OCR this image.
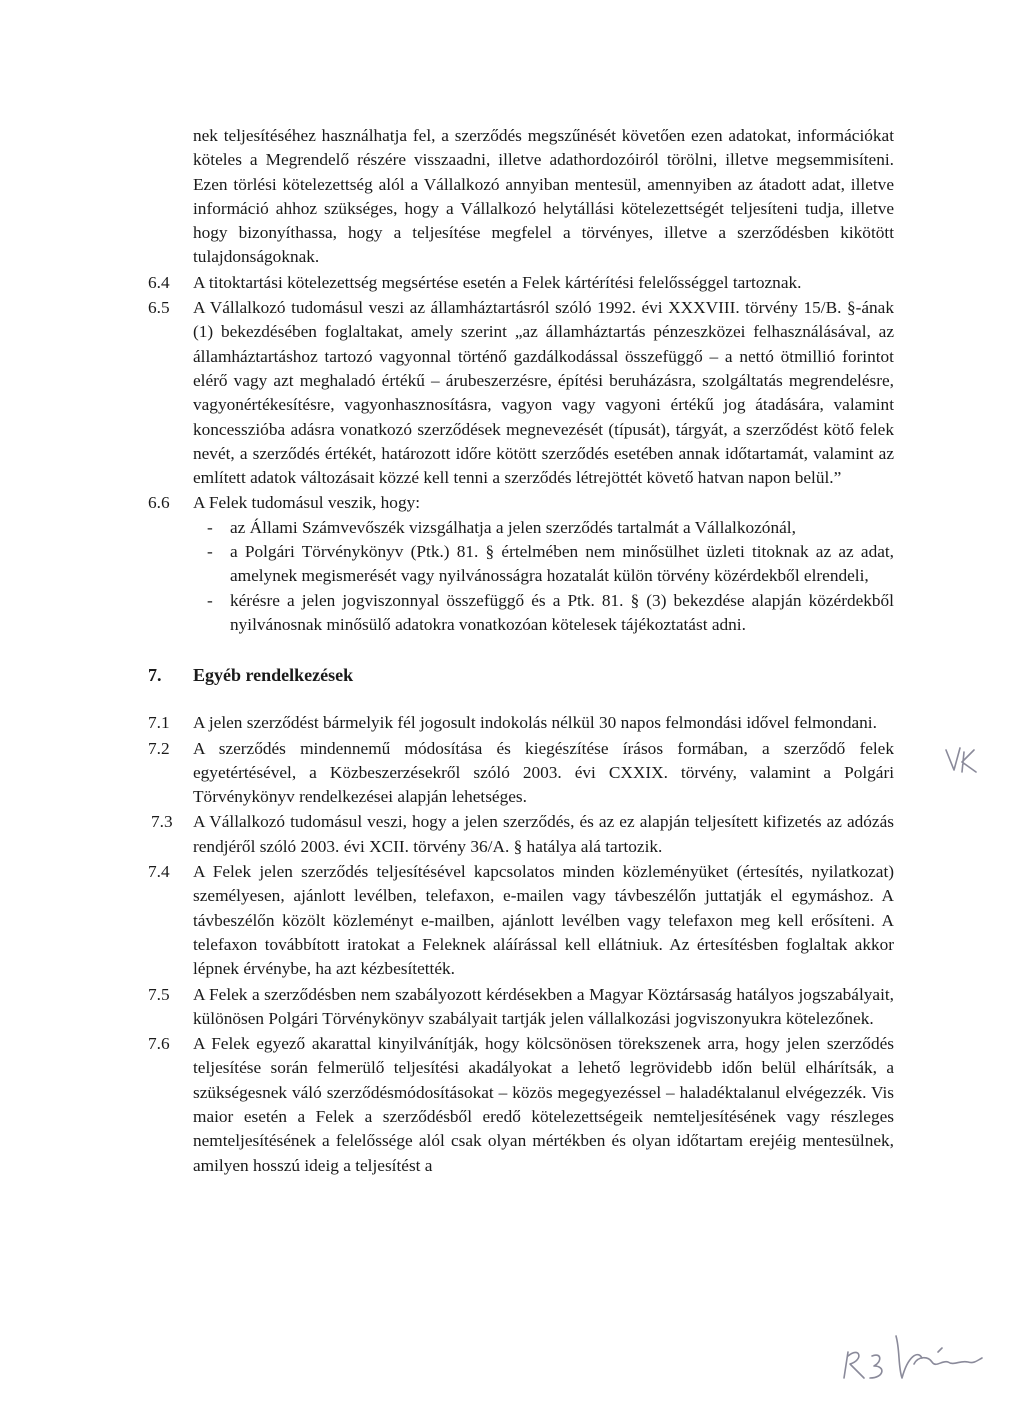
nek teljesítéséhez használhatja fel, a szerződés megszűnését követően ezen adatokat, információkat köteles a Megrendelő részére visszaadni, illetve adathordozóiról törölni, illetve megsemmisíteni. Ezen törlési kötelezettség alól a Vállalkozó annyiban mentesül, amennyiben az átadott adat, illetve információ ahhoz szükséges, hogy a Vállalkozó helytállási kötelezettségét teljesíteni tudja, illetve hogy bizonyíthassa, hogy a teljesítése megfelel a törvényes, illetve a szerződésben kikötött tulajdonságoknak.

6.4	A titoktartási kötelezettség megsértése esetén a Felek kártérítési felelősséggel tartoznak.

6.5	A Vállalkozó tudomásul veszi az államháztartásról szóló 1992. évi XXXVIII. törvény 15/B. §-ának (1) bekezdésében foglaltakat, amely szerint „az államháztartás pénzeszközei felhasználásával, az államháztartáshoz tartozó vagyonnal történő gazdálkodással összefüggő – a nettó ötmillió forintot elérő vagy azt meghaladó értékű – árubeszerzésre, építési beruházásra, szolgáltatás megrendelésre, vagyonértékesítésre, vagyonhasznosításra, vagyon vagy vagyoni értékű jog átadására, valamint koncesszióba adásra vonatkozó szerződések megnevezését (típusát), tárgyát, a szerződést kötő felek nevét, a szerződés értékét, határozott időre kötött szerződés esetében annak időtartamát, valamint az említett adatok változásait közzé kell tenni a szerződés létrejöttét követő hatvan napon belül.”

6.6	A Felek tudomásul veszik, hogy:

- az Állami Számvevőszék vizsgálhatja a jelen szerződés tartalmát a Vállalkozónál,

- a Polgári Törvénykönyv (Ptk.) 81. § értelmében nem minősülhet üzleti titoknak az az adat, amelynek megismerését vagy nyilvánosságra hozatalát külön törvény közérdekből elrendeli,

- kérésre a jelen jogviszonnyal összefüggő és a Ptk. 81. § (3) bekezdése alapján közérdekből nyilvánosnak minősülő adatokra vonatkozóan kötelesek tájékoztatást adni.

7.	Egyéb rendelkezések
7.1	A jelen szerződést bármelyik fél jogosult indokolás nélkül 30 napos felmondási idővel felmondani.

7.2	A szerződés mindennemű módosítása és kiegészítése írásos formában, a szerződő felek egyetértésével, a Közbeszerzésekről szóló 2003. évi CXXIX. törvény, valamint a Polgári Törvénykönyv rendelkezései alapján lehetséges.

7.3	A Vállalkozó tudomásul veszi, hogy a jelen szerződés, és az ez alapján teljesített kifizetés az adózás rendjéről szóló 2003. évi XCII. törvény 36/A. § hatálya alá tartozik.

7.4	A Felek jelen szerződés teljesítésével kapcsolatos minden közleményüket (értesítés, nyilatkozat) személyesen, ajánlott levélben, telefaxon, e-mailen vagy távbeszélőn juttatják el egymáshoz. A távbeszélőn közölt közleményt e-mailben, ajánlott levélben vagy telefaxon meg kell erősíteni. A telefaxon továbbított iratokat a Feleknek aláírással kell ellátniuk. Az értesítésben foglaltak akkor lépnek érvénybe, ha azt kézbesítették.

7.5	A Felek a szerződésben nem szabályozott kérdésekben a Magyar Köztársaság hatályos jogszabályait, különösen Polgári Törvénykönyv szabályait tartják jelen vállalkozási jogviszonyukra kötelezőnek.

7.6	A Felek egyező akarattal kinyilvánítják, hogy kölcsönösen törekszenek arra, hogy jelen szerződés teljesítése során felmerülő teljesítési akadályokat a lehető legrövidebb időn belül elhárítsák, a szükségesnek váló szerződésmódosításokat – közös megegyezéssel – haladéktalanul elvégezzék. Vis maior esetén a Felek a szerződésből eredő kötelezettségeik nemteljesítésének vagy részleges nemteljesítésének a felelőssége alól csak olyan mértékben és olyan időtartam erejéig mentesülnek, amilyen hosszú ideig a teljesítést a
